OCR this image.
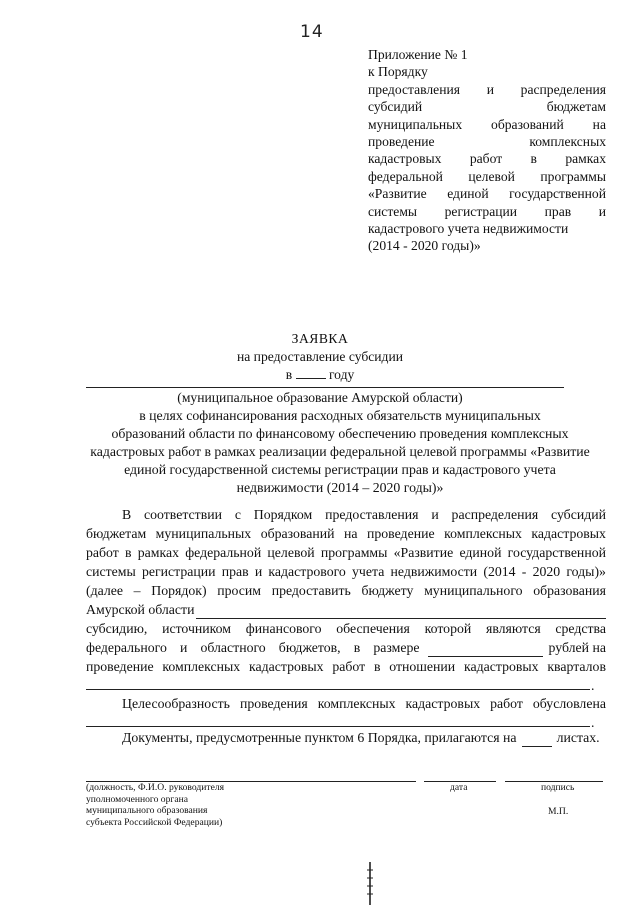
14
Приложение № 1
к Порядку
предоставления и распределения
субсидий	бюджетам
муниципальных образований на
проведение	комплексных
кадастровых работ в рамках
федеральной целевой программы
«Развитие единой государственной
системы регистрации прав и
кадастрового учета недвижимости
(2014 - 2020 годы)»
ЗАЯВКА
на предоставление субсидии
в	году
(муниципальное образование Амурской области)
в целях софинансирования расходных обязательств муниципальных
образований области по финансовому обеспечению проведения комплексных
кадастровых работ в рамках реализации федеральной целевой программы «Развитие
единой государственной системы регистрации прав и кадастрового учета
недвижимости (2014 – 2020 годы)»
В соответствии с Порядком предоставления и распределения субсидий
бюджетам муниципальных образований на проведение комплексных кадастровых
работ в рамках федеральной целевой программы «Развитие единой государственной
системы регистрации прав и кадастрового учета недвижимости (2014 - 2020 годы)»
(далее – Порядок) просим предоставить бюджету муниципального образования
Амурской области
субсидию, источником финансового обеспечения которой являются средства
федерального и областного бюджетов, в размере	рублей на
проведение комплексных кадастровых работ в отношении кадастровых кварталов
.
Целесообразность проведения комплексных кадастровых работ обусловлена
.
Документы, предусмотренные пунктом 6 Порядка, прилагаются на	листах.
(должность, Ф.И.О. руководителя
уполномоченного органа
муниципального образования
субъекта Российской Федерации)
дата	подпись
М.П.
